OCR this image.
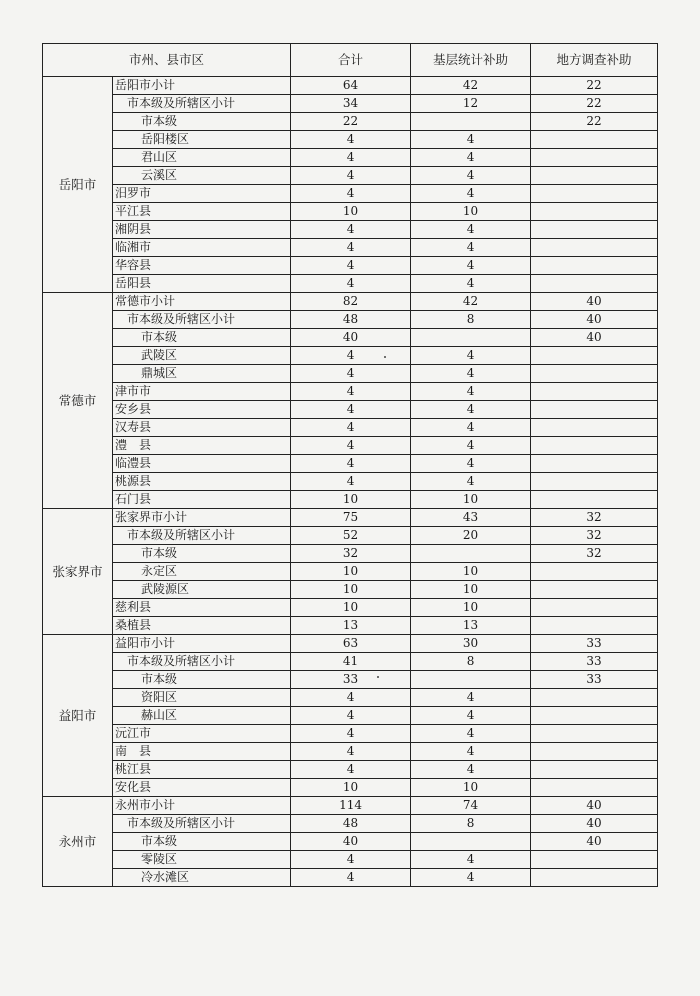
市州、县市区		合计	基层统计补助	地方调查补助
岳阳市	岳阳市小计	64	42	22
	市本级及所辖区小计	34	12	22
	市本级	22		22
	岳阳楼区	4	4	
	君山区	4	4	
	云溪区	4	4	
	汨罗市	4	4	
	平江县	10	10	
	湘阴县	4	4	
	临湘市	4	4	
	华容县	4	4	
	岳阳县	4	4	
常德市	常德市小计	82	42	40
	市本级及所辖区小计	48	8	40
	市本级	40		40
	武陵区	4	4	
	鼎城区	4	4	
	津市市	4	4	
	安乡县	4	4	
	汉寿县	4	4	
	澧　县	4	4	
	临澧县	4	4	
	桃源县	4	4	
	石门县	10	10	
张家界市	张家界市小计	75	43	32
	市本级及所辖区小计	52	20	32
	市本级	32		32
	永定区	10	10	
	武陵源区	10	10	
	慈利县	10	10	
	桑植县	13	13	
益阳市	益阳市小计	63	30	33
	市本级及所辖区小计	41	8	33
	市本级	33		33
	资阳区	4	4	
	赫山区	4	4	
	沅江市	4	4	
	南　县	4	4	
	桃江县	4	4	
	安化县	10	10	
永州市	永州市小计	114	74	40
	市本级及所辖区小计	48	8	40
	市本级	40		40
	零陵区	4	4	
	冷水滩区	4	4	
